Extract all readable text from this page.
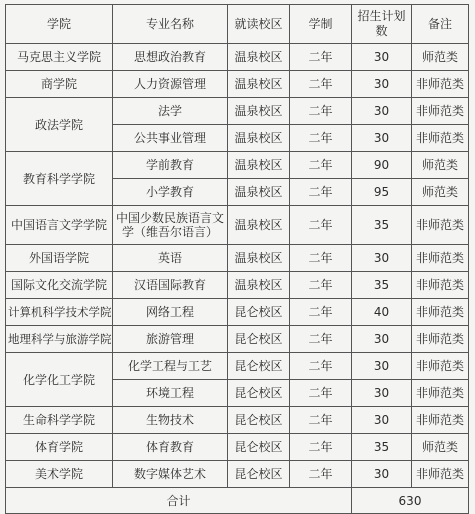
学院	专业名称	就读校区	学制	招生计划数	备注
马克思主义学院	思想政治教育	温泉校区	二年	30	师范类
商学院	人力资源管理	温泉校区	二年	30	非师范类
政法学院	法学	温泉校区	二年	30	非师范类
	公共事业管理	温泉校区	二年	30	非师范类
教育科学学院	学前教育	温泉校区	二年	90	师范类
	小学教育	温泉校区	二年	95	师范类
中国语言文学学院	中国少数民族语言文学（维吾尔语言）	温泉校区	二年	35	非师范类
外国语学院	英语	温泉校区	二年	30	非师范类
国际文化交流学院	汉语国际教育	温泉校区	二年	35	非师范类
计算机科学技术学院	网络工程	昆仑校区	二年	40	非师范类
地理科学与旅游学院	旅游管理	昆仑校区	二年	30	非师范类
化学化工学院	化学工程与工艺	昆仑校区	二年	30	非师范类
	环境工程	昆仑校区	二年	30	非师范类
生命科学学院	生物技术	昆仑校区	二年	30	非师范类
体育学院	体育教育	昆仑校区	二年	35	师范类
美术学院	数字媒体艺术	昆仑校区	二年	30	非师范类
合计				630	
